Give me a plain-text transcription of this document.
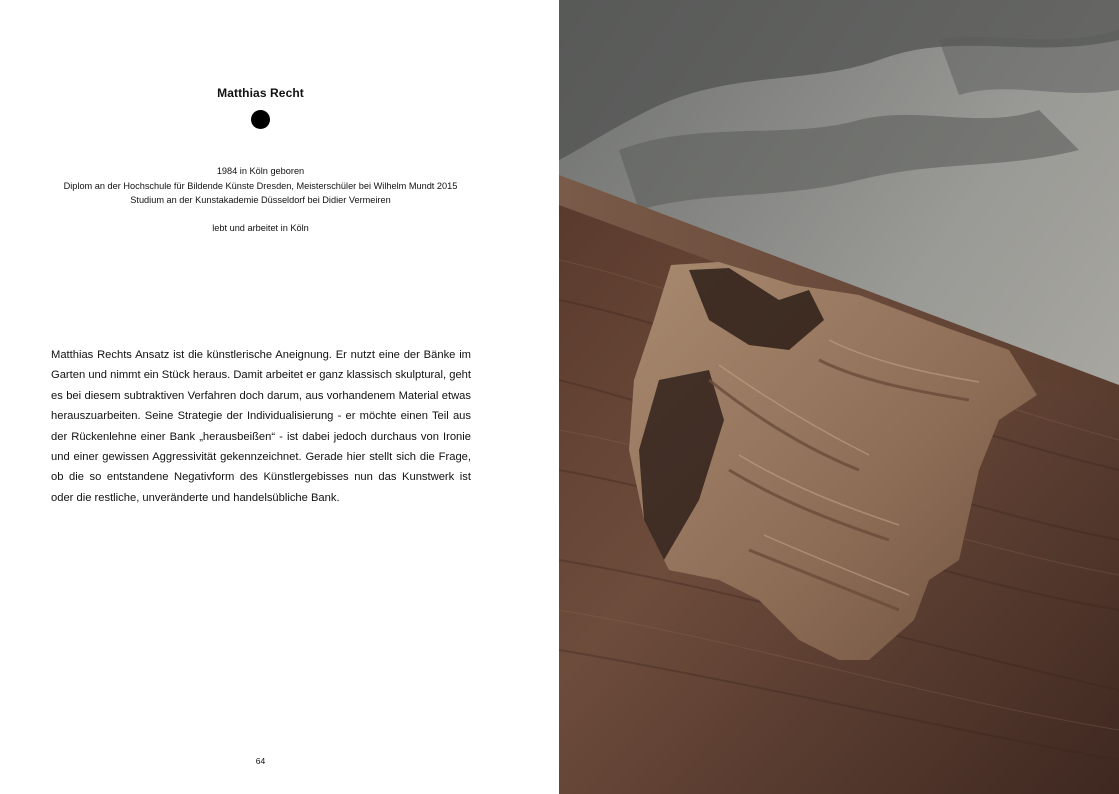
Matthias Recht
1984 in Köln geboren
Diplom an der Hochschule für Bildende Künste Dresden, Meisterschüler bei Wilhelm Mundt 2015
Studium an der Kunstakademie Düsseldorf bei Didier Vermeiren
lebt und arbeitet in Köln
Matthias Rechts Ansatz ist die künstlerische Aneignung. Er nutzt eine der Bänke im Garten und nimmt ein Stück heraus. Damit arbeitet er ganz klassisch skulptural, geht es bei diesem subtraktiven Verfahren doch darum, aus vorhandenem Material etwas herauszuarbeiten. Seine Strategie der Individualisierung - er möchte einen Teil aus der Rückenlehne einer Bank „herausbeißen“ - ist dabei jedoch durchaus von Ironie und einer gewissen Aggressivität gekennzeichnet. Gerade hier stellt sich die Frage, ob die so entstandene Negativform des Künstlergebisses nun das Kunstwerk ist oder die restliche, unveränderte und handelsübliche Bank.
64
